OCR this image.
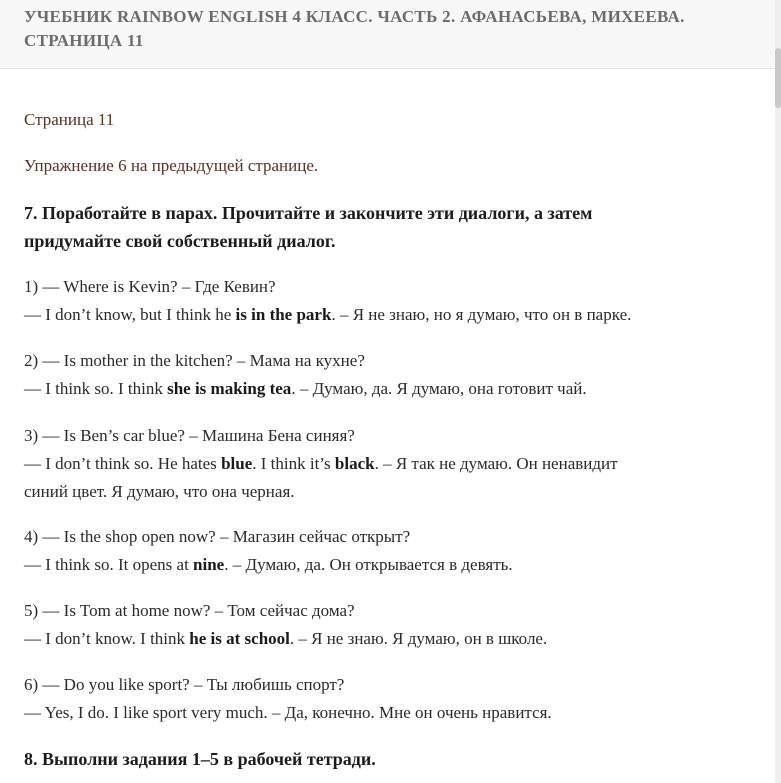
УЧЕБНИК RAINBOW ENGLISH 4 КЛАСС. ЧАСТЬ 2. АФАНАСЬЕВА, МИХЕЕВА.
СТРАНИЦА 11
Страница 11
Упражнение 6 на предыдущей странице.
7. Поработайте в парах. Прочитайте и закончите эти диалоги, а затем
придумайте свой собственный диалог.
1) — Where is Kevin? – Где Кевин?
— I don’t know, but I think he is in the park. – Я не знаю, но я думаю, что он в парке.
2) — Is mother in the kitchen? – Мама на кухне?
— I think so. I think she is making tea. – Думаю, да. Я думаю, она готовит чай.
3) — Is Ben’s car blue? – Машина Бена синяя?
— I don’t think so. He hates blue. I think it’s black. – Я так не думаю. Он ненавидит
синий цвет. Я думаю, что она черная.
4) — Is the shop open now? – Магазин сейчас открыт?
— I think so. It opens at nine. – Думаю, да. Он открывается в девять.
5) — Is Tom at home now? – Том сейчас дома?
— I don’t know. I think he is at school. – Я не знаю. Я думаю, он в школе.
6) — Do you like sport? – Ты любишь спорт?
— Yes, I do. I like sport very much. – Да, конечно. Мне он очень нравится.
8. Выполни задания 1–5 в рабочей тетради.
